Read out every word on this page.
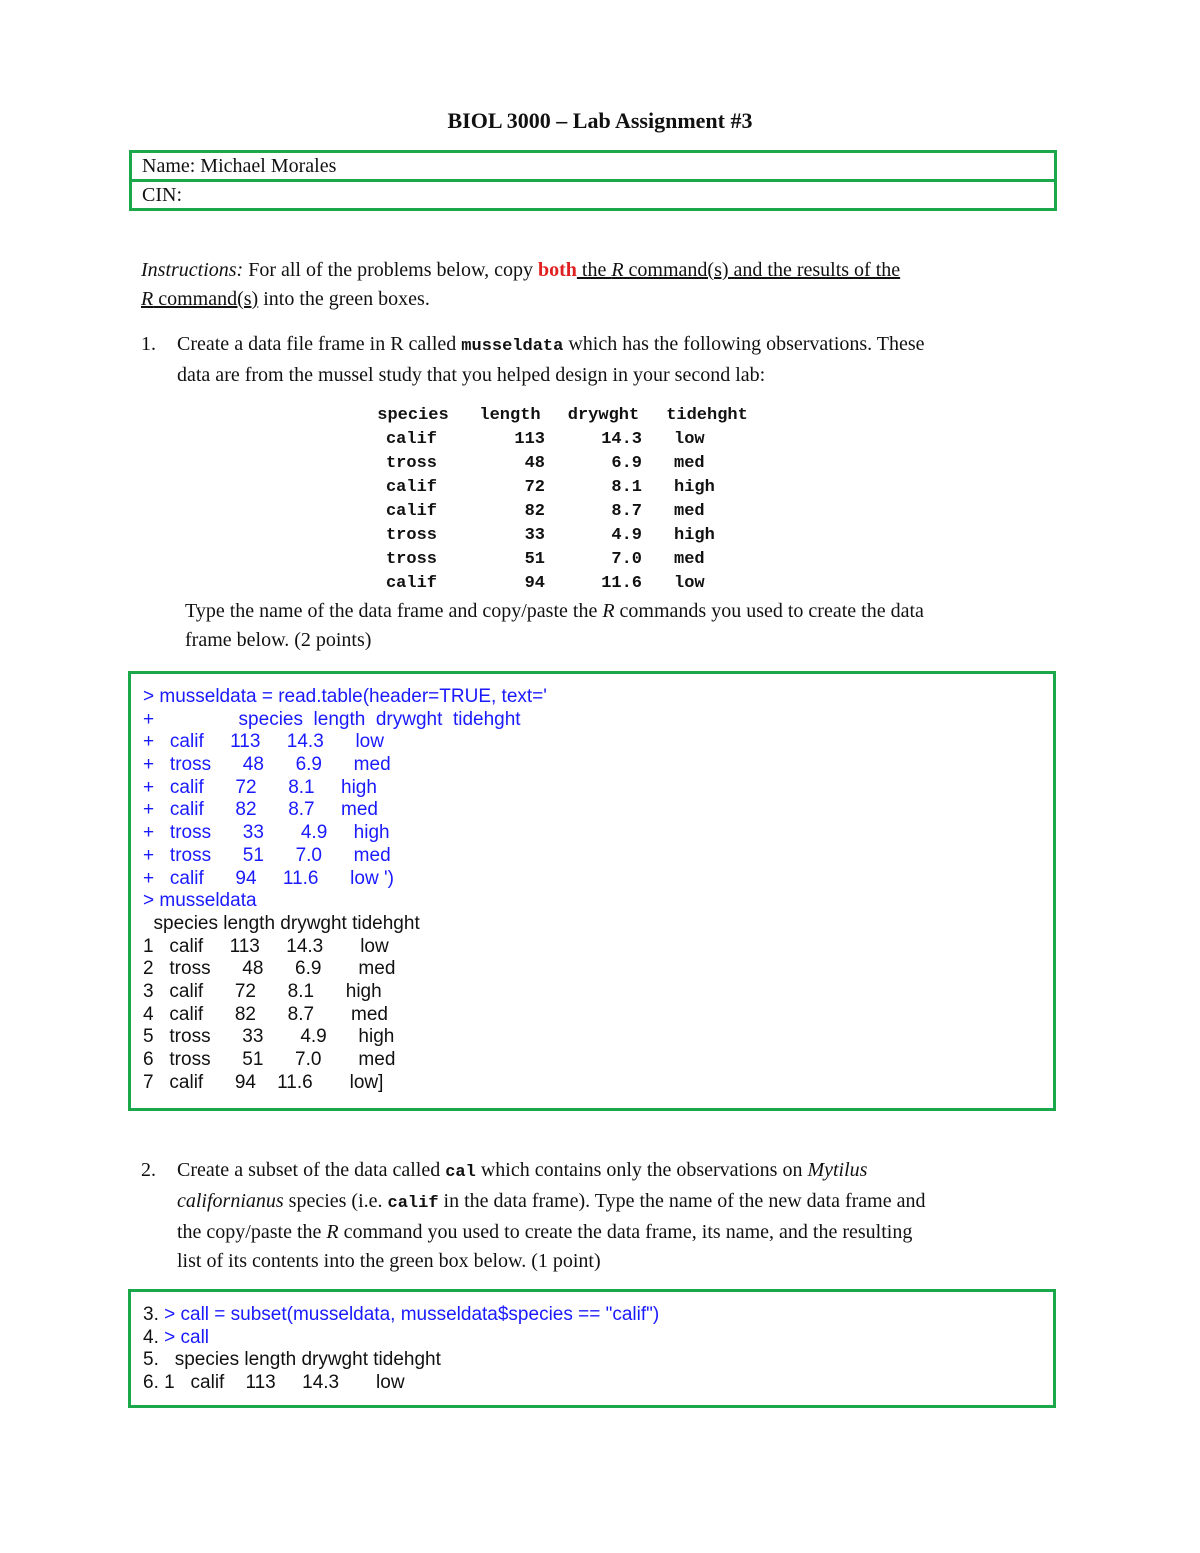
BIOL 3000 – Lab Assignment #3
Name: Michael Morales
CIN:
Instructions: For all of the problems below, copy both the R command(s) and the results of the
R command(s) into the green boxes.
1. Create a data file frame in R called musseldata which has the following observations. These
data are from the mussel study that you helped design in your second lab:
species	length	drywght	tidehght
calif	113	14.3	low
tross	48	6.9	med
calif	72	8.1	high
calif	82	8.7	med
tross	33	4.9	high
tross	51	7.0	med
calif	94	11.6	low
Type the name of the data frame and copy/paste the R commands you used to create the data
frame below. (2 points)
> musseldata = read.table(header=TRUE, text='
+                species  length  drywght  tidehght
+   calif     113     14.3      low
+   tross      48      6.9      med
+   calif      72      8.1     high
+   calif      82      8.7     med
+   tross      33       4.9     high
+   tross      51      7.0      med
+   calif      94     11.6      low ')
> musseldata
species length drywght tidehght
1   calif     113     14.3       low
2   tross      48      6.9       med
3   calif      72      8.1      high
4   calif      82      8.7       med
5   tross      33       4.9      high
6   tross      51      7.0       med
7   calif      94    11.6       low]
2. Create a subset of the data called cal which contains only the observations on Mytilus
californianus species (i.e. calif in the data frame). Type the name of the new data frame and
the copy/paste the R command you used to create the data frame, its name, and the resulting
list of its contents into the green box below. (1 point)
3. > call = subset(musseldata, musseldata$species == "calif")
4. > call
5.   species length drywght tidehght
6. 1   calif    113     14.3       low
